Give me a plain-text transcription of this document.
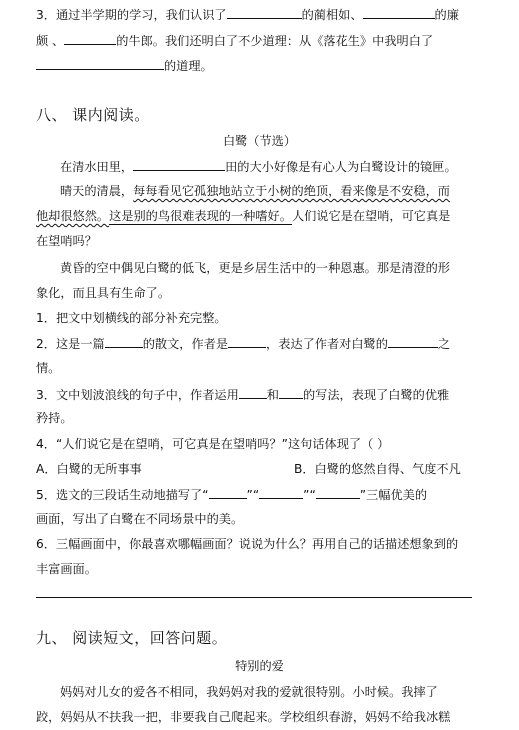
3．通过半学期的学习，我们认识了	的蔺相如、	的廉
颇 、	的牛郎。我们还明白了不少道理：从《落花生》中我明白了
的道理。
八、 课内阅读。
白鹭（节选）
在清水田里，	田的大小好像是有心人为白鹭设计的镜匣。
晴天的清晨，每每看见它孤独地站立于小树的绝顶，看来像是不安稳，而
他却很悠然。这是别的鸟很难表现的一种嗜好。人们说它是在望哨，可它真是
在望哨吗？
黄昏的空中偶见白鹭的低飞，更是乡居生活中的一种恩惠。那是清澄的形
象化，而且具有生命了。
1．把文中划横线的部分补充完整。
2．这是一篇	的散文，作者是	，表达了作者对白鹭的	之
情。
3．文中划波浪线的句子中，作者运用 和 的写法，表现了白鹭的优雅
矜持。
4．“人们说它是在望哨，可它真是在望哨吗？”这句话体现了（ ）
A．白鹭的无所事事	B．白鹭的悠然自得、气度不凡
5．选文的三段话生动地描写了“	”“	”“	”三幅优美的
画面，写出了白鹭在不同场景中的美。
6．三幅画面中，你最喜欢哪幅画面？说说为什么？再用自己的话描述想象到的
丰富画面。
九、 阅读短文，回答问题。
特别的爱
妈妈对儿女的爱各不相同，我妈妈对我的爱就很特别。小时候。我摔了
跤，妈妈从不扶我一把，非要我自己爬起来。学校组织春游，妈妈不给我冰糕
